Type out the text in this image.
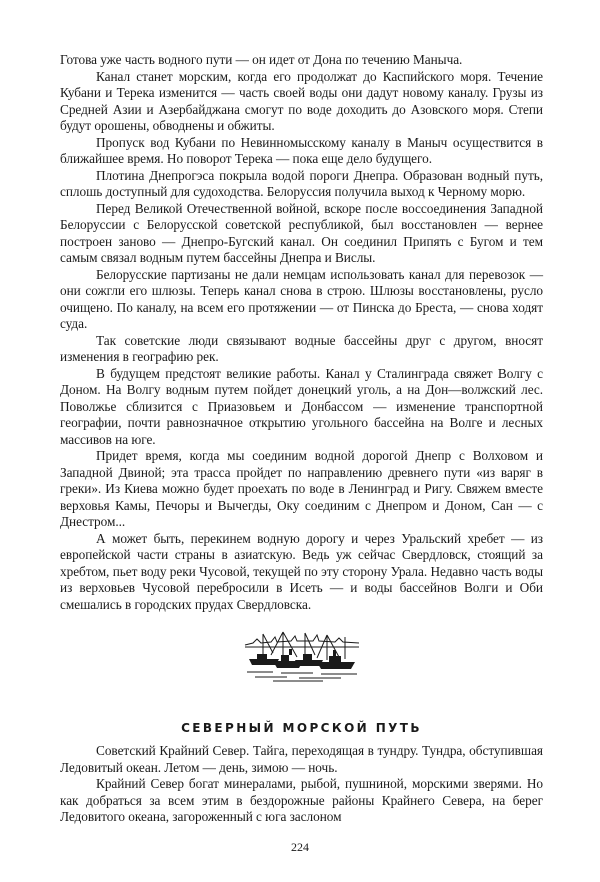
Готова уже часть водного пути — он идет от Дона по течению Маныча.

Канал станет морским, когда его продолжат до Каспийского моря. Течение Кубани и Терека изменится — часть своей воды они дадут новому каналу. Грузы из Средней Азии и Азербайджана смогут по воде доходить до Азовского моря. Степи будут орошены, обводнены и обжиты.

Пропуск вод Кубани по Невинномысскому каналу в Маныч осуществится в ближайшее время. Но поворот Терека — пока еще дело будущего.

Плотина Днепрогэса покрыла водой пороги Днепра. Образован водный путь, сплошь доступный для судоходства. Белоруссия получила выход к Черному морю.

Перед Великой Отечественной войной, вскоре после воссоединения Западной Белоруссии с Белорусской советской республикой, был восстановлен — вернее построен заново — Днепро-Бугский канал. Он соединил Припять с Бугом и тем самым связал водным путем бассейны Днепра и Вислы.

Белорусские партизаны не дали немцам использовать канал для перевозок — они сожгли его шлюзы. Теперь канал снова в строю. Шлюзы восстановлены, русло очищено. По каналу, на всем его протяжении — от Пинска до Бреста, — снова ходят суда.

Так советские люди связывают водные бассейны друг с другом, вносят изменения в географию рек.

В будущем предстоят великие работы. Канал у Сталинграда свяжет Волгу с Доном. На Волгу водным путем пойдет донецкий уголь, а на Дон—волжский лес. Поволжье сблизится с Приазовьем и Донбассом — изменение транспортной географии, почти равнозначное открытию угольного бассейна на Волге и лесных массивов на юге.

Придет время, когда мы соединим водной дорогой Днепр с Волховом и Западной Двиной; эта трасса пройдет по направлению древнего пути «из варяг в греки». Из Киева можно будет проехать по воде в Ленинград и Ригу. Свяжем вместе верховья Камы, Печоры и Вычегды, Оку соединим с Днепром и Доном, Сан — с Днестром...

А может быть, перекинем водную дорогу и через Уральский хребет — из европейской части страны в азиатскую. Ведь уж сейчас Свердловск, стоящий за хребтом, пьет воду реки Чусовой, текущей по эту сторону Урала. Недавно часть воды из верховьев Чусовой перебросили в Исеть — и воды бассейнов Волги и Оби смешались в городских прудах Свердловска.

СЕВЕРНЫЙ МОРСКОЙ ПУТЬ

Советский Крайний Север. Тайга, переходящая в тундру. Тундра, обступившая Ледовитый океан. Летом — день, зимою — ночь.

Крайний Север богат минералами, рыбой, пушниной, морскими зверями. Но как добраться за всем этим в бездорожные районы Крайнего Севера, на берег Ледовитого океана, загороженный с юга заслоном

224
